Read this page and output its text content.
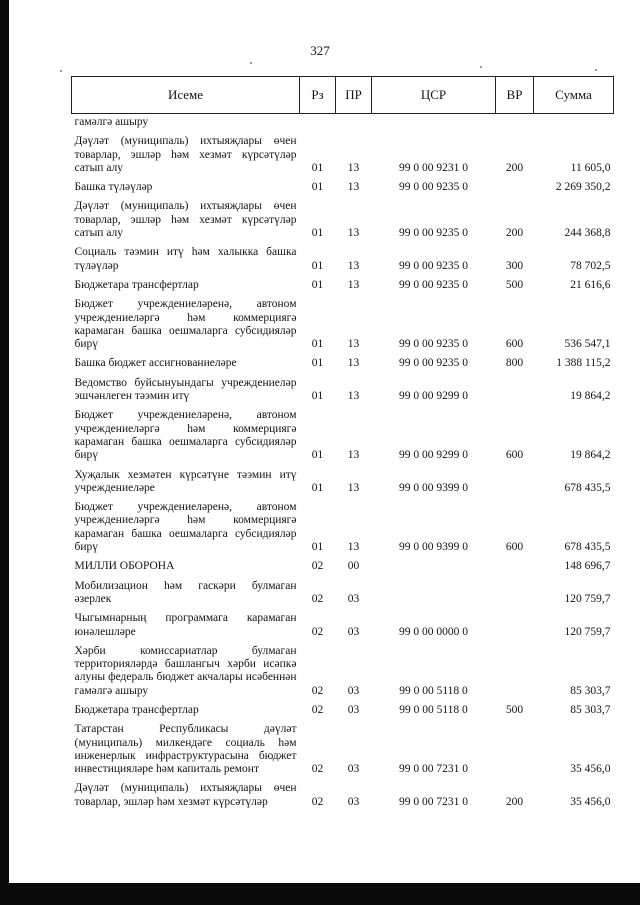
327
Исеме	Рз	ПР	ЦСР	ВР	Сумма
гамәлгә ашыру					
Дәүләт (муниципаль) ихтыяҗлары өчен товарлар, эшләр һәм хезмәт күрсәтүләр сатып алу	01	13	99 0 00 9231 0	200	11 605,0
Башка түләүләр	01	13	99 0 00 9235 0		2 269 350,2
Дәүләт (муниципаль) ихтыяҗлары өчен товарлар, эшләр һәм хезмәт күрсәтүләр сатып алу	01	13	99 0 00 9235 0	200	244 368,8
Социаль тәэмин итү һәм халыкка башка түләүләр	01	13	99 0 00 9235 0	300	78 702,5
Бюджетара трансфертлар	01	13	99 0 00 9235 0	500	21 616,6
Бюджет учреждениеләренә, автоном учреждениеләргә һәм коммерциягә карамаган башка оешмаларга субсидияләр бирү	01	13	99 0 00 9235 0	600	536 547,1
Башка бюджет ассигнованиеләре	01	13	99 0 00 9235 0	800	1 388 115,2
Ведомство буйсынуындагы учреждениеләр эшчәнлеген тәэмин итү	01	13	99 0 00 9299 0		19 864,2
Бюджет учреждениеләренә, автоном учреждениеләргә һәм коммерциягә карамаган башка оешмаларга субсидияләр бирү	01	13	99 0 00 9299 0	600	19 864,2
Хуҗалык хезмәтен күрсәтүне тәэмин итү учреждениеләре	01	13	99 0 00 9399 0		678 435,5
Бюджет учреждениеләренә, автоном учреждениеләргә һәм коммерциягә карамаган башка оешмаларга субсидияләр бирү	01	13	99 0 00 9399 0	600	678 435,5
МИЛЛИ ОБОРОНА	02	00			148 696,7
Мобилизацион һәм гаскәри булмаган әзерлек	02	03			120 759,7
Чыгымнарның программага карамаган юнәлешләре	02	03	99 0 00 0000 0		120 759,7
Хәрби комиссариатлар булмаган территорияләрдә башлангыч хәрби исәпкә алуны федераль бюджет акчалары исәбеннән гамәлгә ашыру	02	03	99 0 00 5118 0		85 303,7
Бюджетара трансфертлар	02	03	99 0 00 5118 0	500	85 303,7
Татарстан Республикасы дәүләт (муниципаль) милкендәге социаль һәм инженерлык инфраструктурасына бюджет инвестицияләре һәм капиталь ремонт	02	03	99 0 00 7231 0		35 456,0
Дәүләт (муниципаль) ихтыяҗлары өчен товарлар, эшләр һәм хезмәт күрсәтүләр	02	03	99 0 00 7231 0	200	35 456,0
